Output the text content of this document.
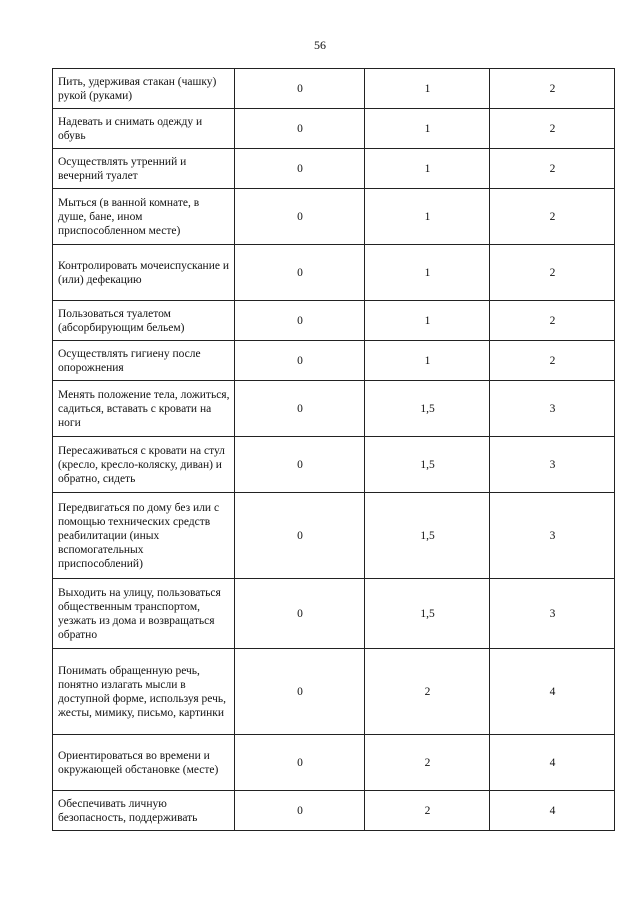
56
Пить, удерживая стакан (чашку) рукой (руками)	0	1	2
Надевать и снимать одежду и обувь	0	1	2
Осуществлять утренний и вечерний туалет	0	1	2
Мыться (в ванной комнате, в душе, бане, ином приспособленном месте)	0	1	2
Контролировать мочеиспускание и (или) дефекацию	0	1	2
Пользоваться туалетом (абсорбирующим бельем)	0	1	2
Осуществлять гигиену после опорожнения	0	1	2
Менять положение тела, ложиться, садиться, вставать с кровати на ноги	0	1,5	3
Пересаживаться с кровати на стул (кресло, кресло-коляску, диван) и обратно, сидеть	0	1,5	3
Передвигаться по дому без или с помощью технических средств реабилитации (иных вспомогательных приспособлений)	0	1,5	3
Выходить на улицу, пользоваться общественным транспортом, уезжать из дома и возвращаться обратно	0	1,5	3
Понимать обращенную речь, понятно излагать мысли в доступной форме, используя речь, жесты, мимику, письмо, картинки	0	2	4
Ориентироваться во времени и окружающей обстановке (месте)	0	2	4
Обеспечивать личную безопасность, поддерживать	0	2	4
